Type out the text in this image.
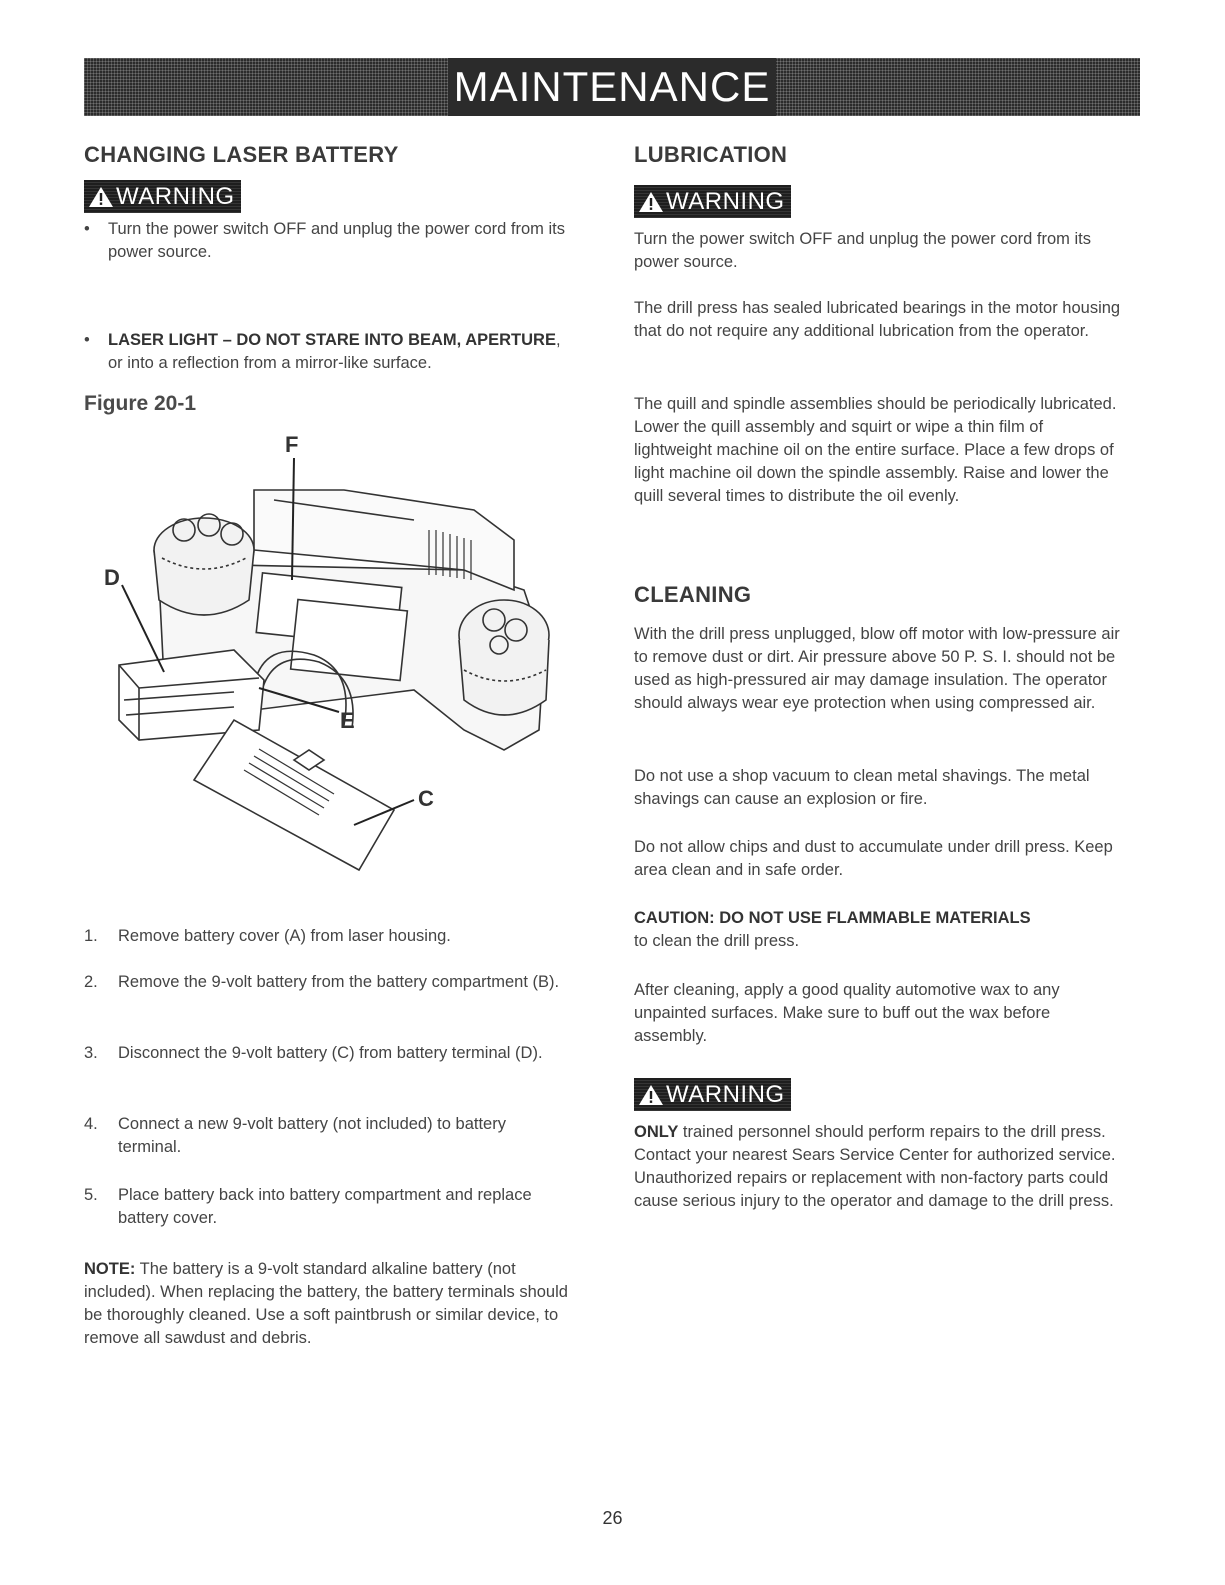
MAINTENANCE
CHANGING LASER BATTERY
WARNING
• Turn the power switch OFF and unplug the power cord from its power source.
• LASER LIGHT – DO NOT STARE INTO BEAM, APERTURE, or into a reflection from a mirror-like surface.
Figure 20-1
F
D
E
C
1.	Remove battery cover (A) from laser housing.
2.	Remove the 9-volt battery from the battery compartment (B).
3.	Disconnect the 9-volt battery (C) from battery terminal (D).
4.	Connect a new 9-volt battery (not included) to battery terminal.
5.	Place battery back into battery compartment and replace battery cover.
NOTE: The battery is a 9-volt standard alkaline battery (not included). When replacing the battery, the battery terminals should be thoroughly cleaned. Use a soft paintbrush or similar device, to remove all sawdust and debris.
LUBRICATION
WARNING
Turn the power switch OFF and unplug the power cord from its power source.
The drill press has sealed lubricated bearings in the motor housing that do not require any additional lubrication from the operator.
The quill and spindle assemblies should be periodically lubricated. Lower the quill assembly and squirt or wipe a thin film of lightweight machine oil on the entire surface. Place a few drops of light machine oil down the spindle assembly. Raise and lower the quill several times to distribute the oil evenly.
CLEANING
With the drill press unplugged, blow off motor with low-pressure air to remove dust or dirt. Air pressure above 50 P. S. I. should not be used as high-pressured air may damage insulation. The operator should always wear eye protection when using compressed air.
Do not use a shop vacuum to clean metal shavings. The metal shavings can cause an explosion or fire.
Do not allow chips and dust to accumulate under drill press. Keep area clean and in safe order.
CAUTION: DO NOT USE FLAMMABLE MATERIALS
to clean the drill press.
After cleaning, apply a good quality automotive wax to any unpainted surfaces. Make sure to buff out the wax before assembly.
WARNING
ONLY trained personnel should perform repairs to the drill press. Contact your nearest Sears Service Center for authorized service. Unauthorized repairs or replacement with non-factory parts could cause serious injury to the operator and damage to the drill press.
26
